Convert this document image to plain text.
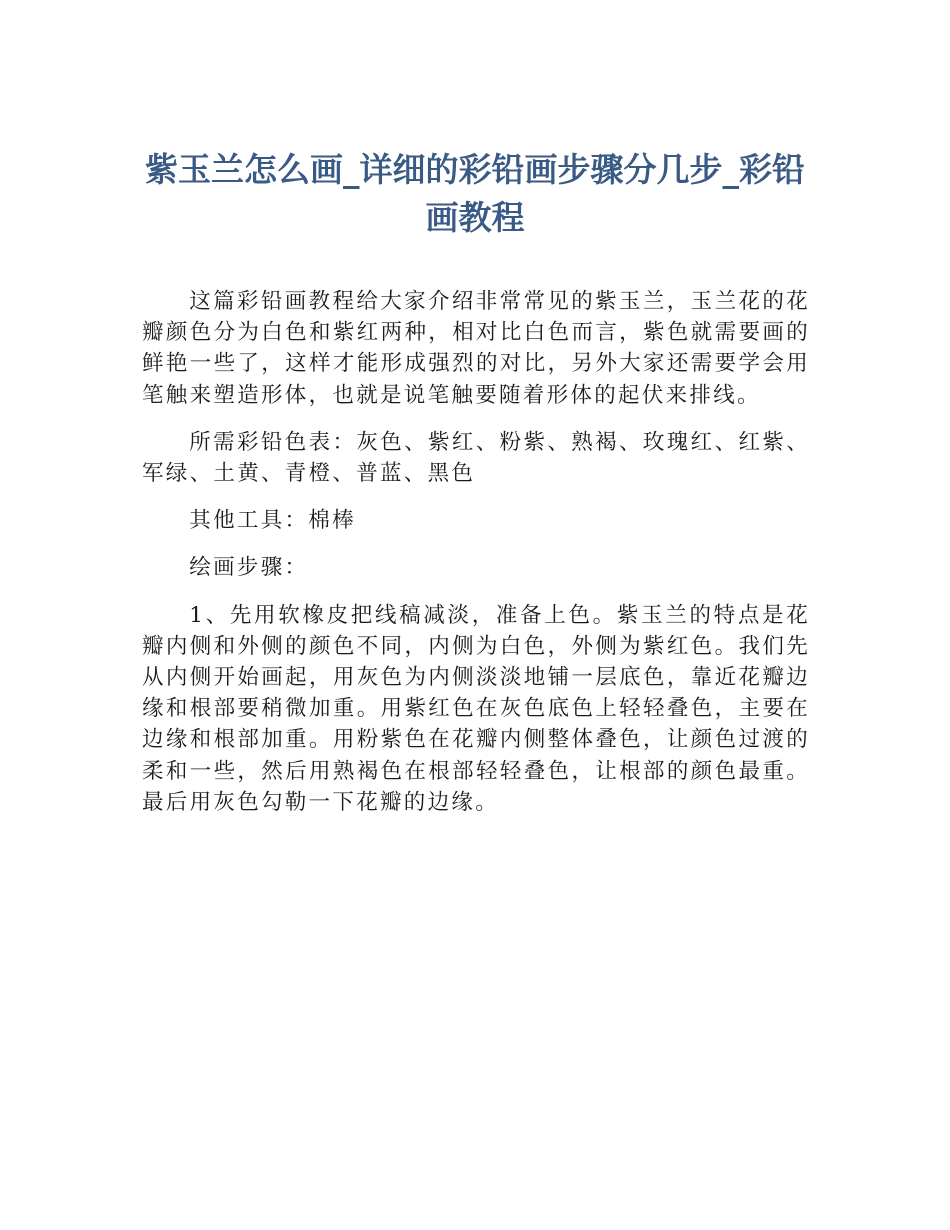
紫玉兰怎么画_详细的彩铅画步骤分几步_彩铅画教程

这篇彩铅画教程给大家介绍非常常见的紫玉兰，玉兰花的花瓣颜色分为白色和紫红两种，相对比白色而言，紫色就需要画的鲜艳一些了，这样才能形成强烈的对比，另外大家还需要学会用笔触来塑造形体，也就是说笔触要随着形体的起伏来排线。

所需彩铅色表：灰色、紫红、粉紫、熟褐、玫瑰红、红紫、军绿、土黄、青橙、普蓝、黑色

其他工具：棉棒

绘画步骤：

1、先用软橡皮把线稿减淡，准备上色。紫玉兰的特点是花瓣内侧和外侧的颜色不同，内侧为白色，外侧为紫红色。我们先从内侧开始画起，用灰色为内侧淡淡地铺一层底色，靠近花瓣边缘和根部要稍微加重。用紫红色在灰色底色上轻轻叠色，主要在边缘和根部加重。用粉紫色在花瓣内侧整体叠色，让颜色过渡的柔和一些，然后用熟褐色在根部轻轻叠色，让根部的颜色最重。最后用灰色勾勒一下花瓣的边缘。
